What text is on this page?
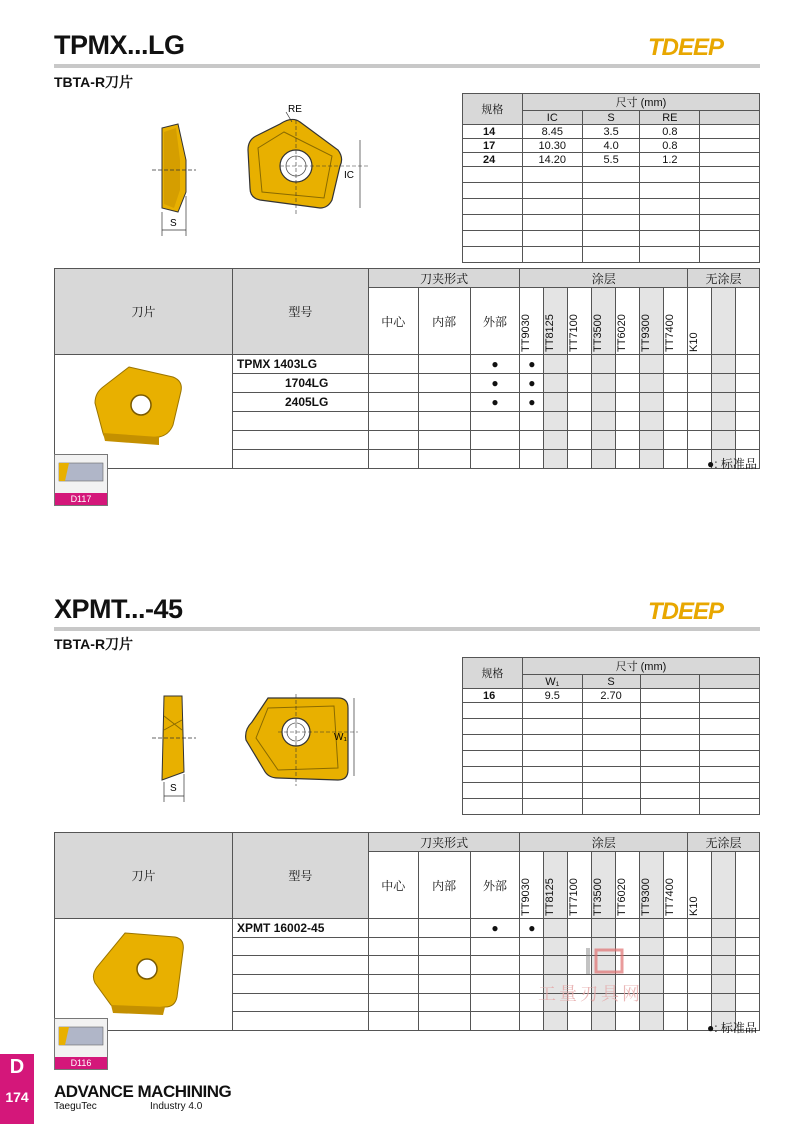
TPMX...LG	TDEEP
TBTA-R刀片
S
RE
IC
规格	尺寸 (mm)			
	IC	S	RE	
14	8.45	3.5	0.8	
17	10.30	4.0	0.8	
24	14.20	5.5	1.2	

刀片	型号	刀夹形式			涂层							无涂层		
		中心	内部	外部	TT9030	TT8125	TT7100	TT3500	TT6020	TT9300	TT7400	K10		

	TPMX 1403LG			●	●									
	1704LG			●	●									
	2405LG			●	●									

D117
●: 标准品
XPMT...-45	TDEEP
TBTA-R刀片
S
W₁
规格	尺寸 (mm)			
	W₁	S		
16	9.5	2.70		

刀片	型号	刀夹形式			涂层							无涂层		
		中心	内部	外部	TT9030	TT8125	TT7100	TT3500	TT6020	TT9300	TT7400	K10		

	XPMT 16002-45			●	●									

工量刃具网
D116
●: 标准品
D
174	ADVANCE MACHINING
TaeguTec	Industry 4.0
